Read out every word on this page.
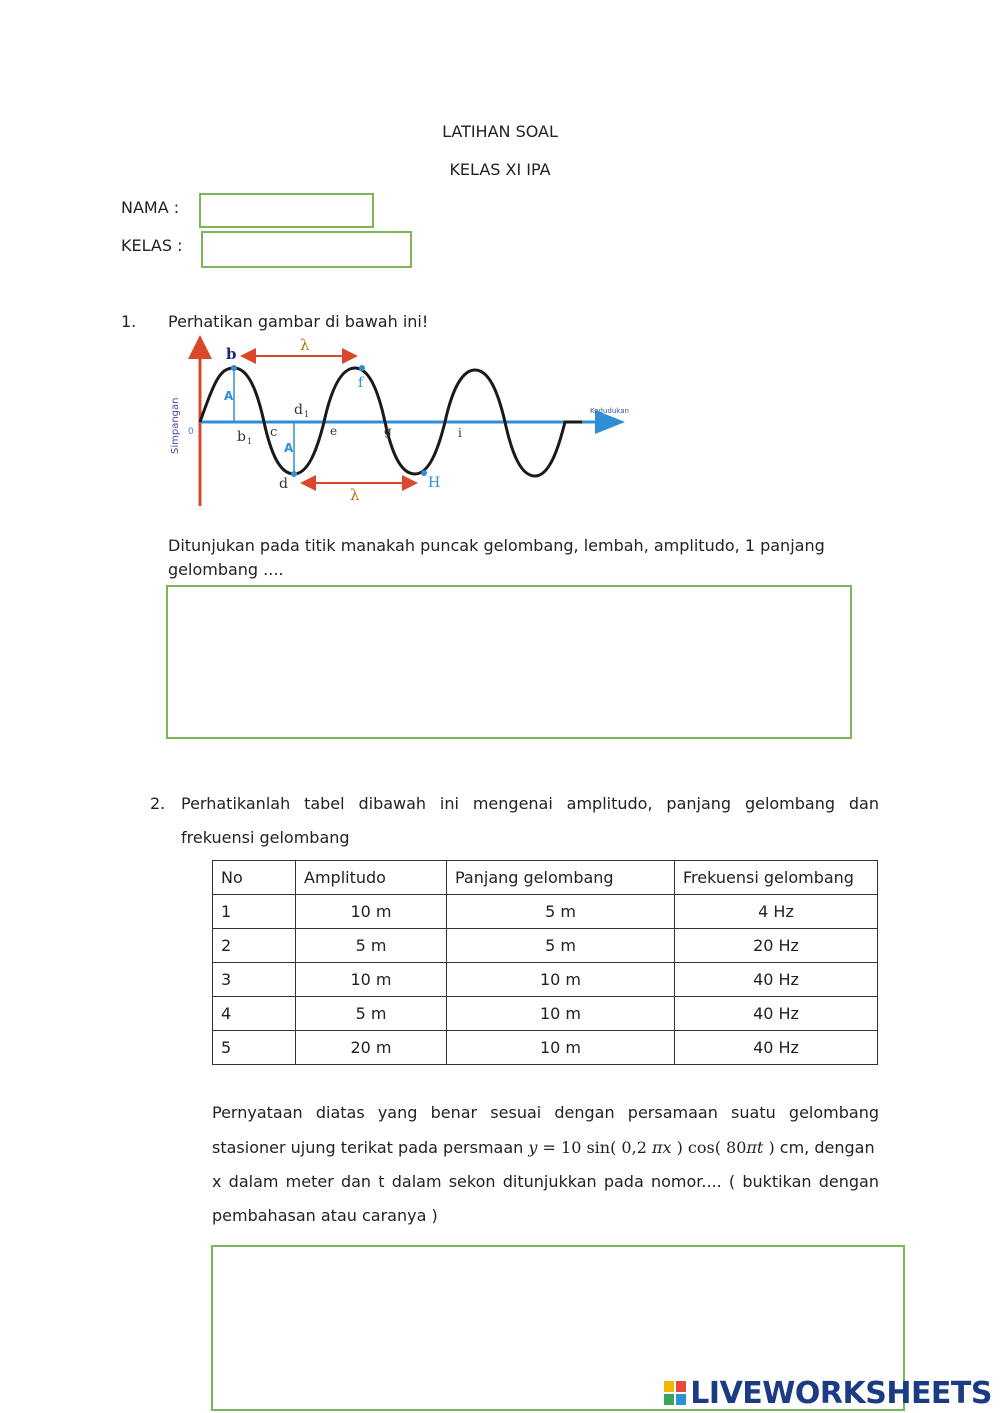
LATIHAN SOAL
KELAS XI IPA
NAMA :
KELAS :
1. Perhatikan gambar di bawah ini!
λ
λ
b
A
A
b 1
c
d 1
d
e
f
g
H
i
0
Kedudukan
Simpangan
Ditunjukan pada titik manakah puncak gelombang, lembah, amplitudo, 1 panjang
gelombang ....
2. Perhatikanlah tabel dibawah ini mengenai amplitudo, panjang gelombang dan
frekuensi gelombang
No	Amplitudo	Panjang gelombang	Frekuensi gelombang
1	10 m	5 m	4 Hz
2	5 m	5 m	20 Hz
3	10 m	10 m	40 Hz
4	5 m	10 m	40 Hz
5	20 m	10 m	40 Hz
Pernyataan diatas yang benar sesuai dengan persamaan suatu gelombang
stasioner ujung terikat pada persmaan y = 10 sin( 0,2 πx ) cos( 80πt ) cm, dengan
x dalam meter dan t dalam sekon ditunjukkan pada nomor.... ( buktikan dengan
pembahasan atau caranya )
LIVEWORKSHEETS
